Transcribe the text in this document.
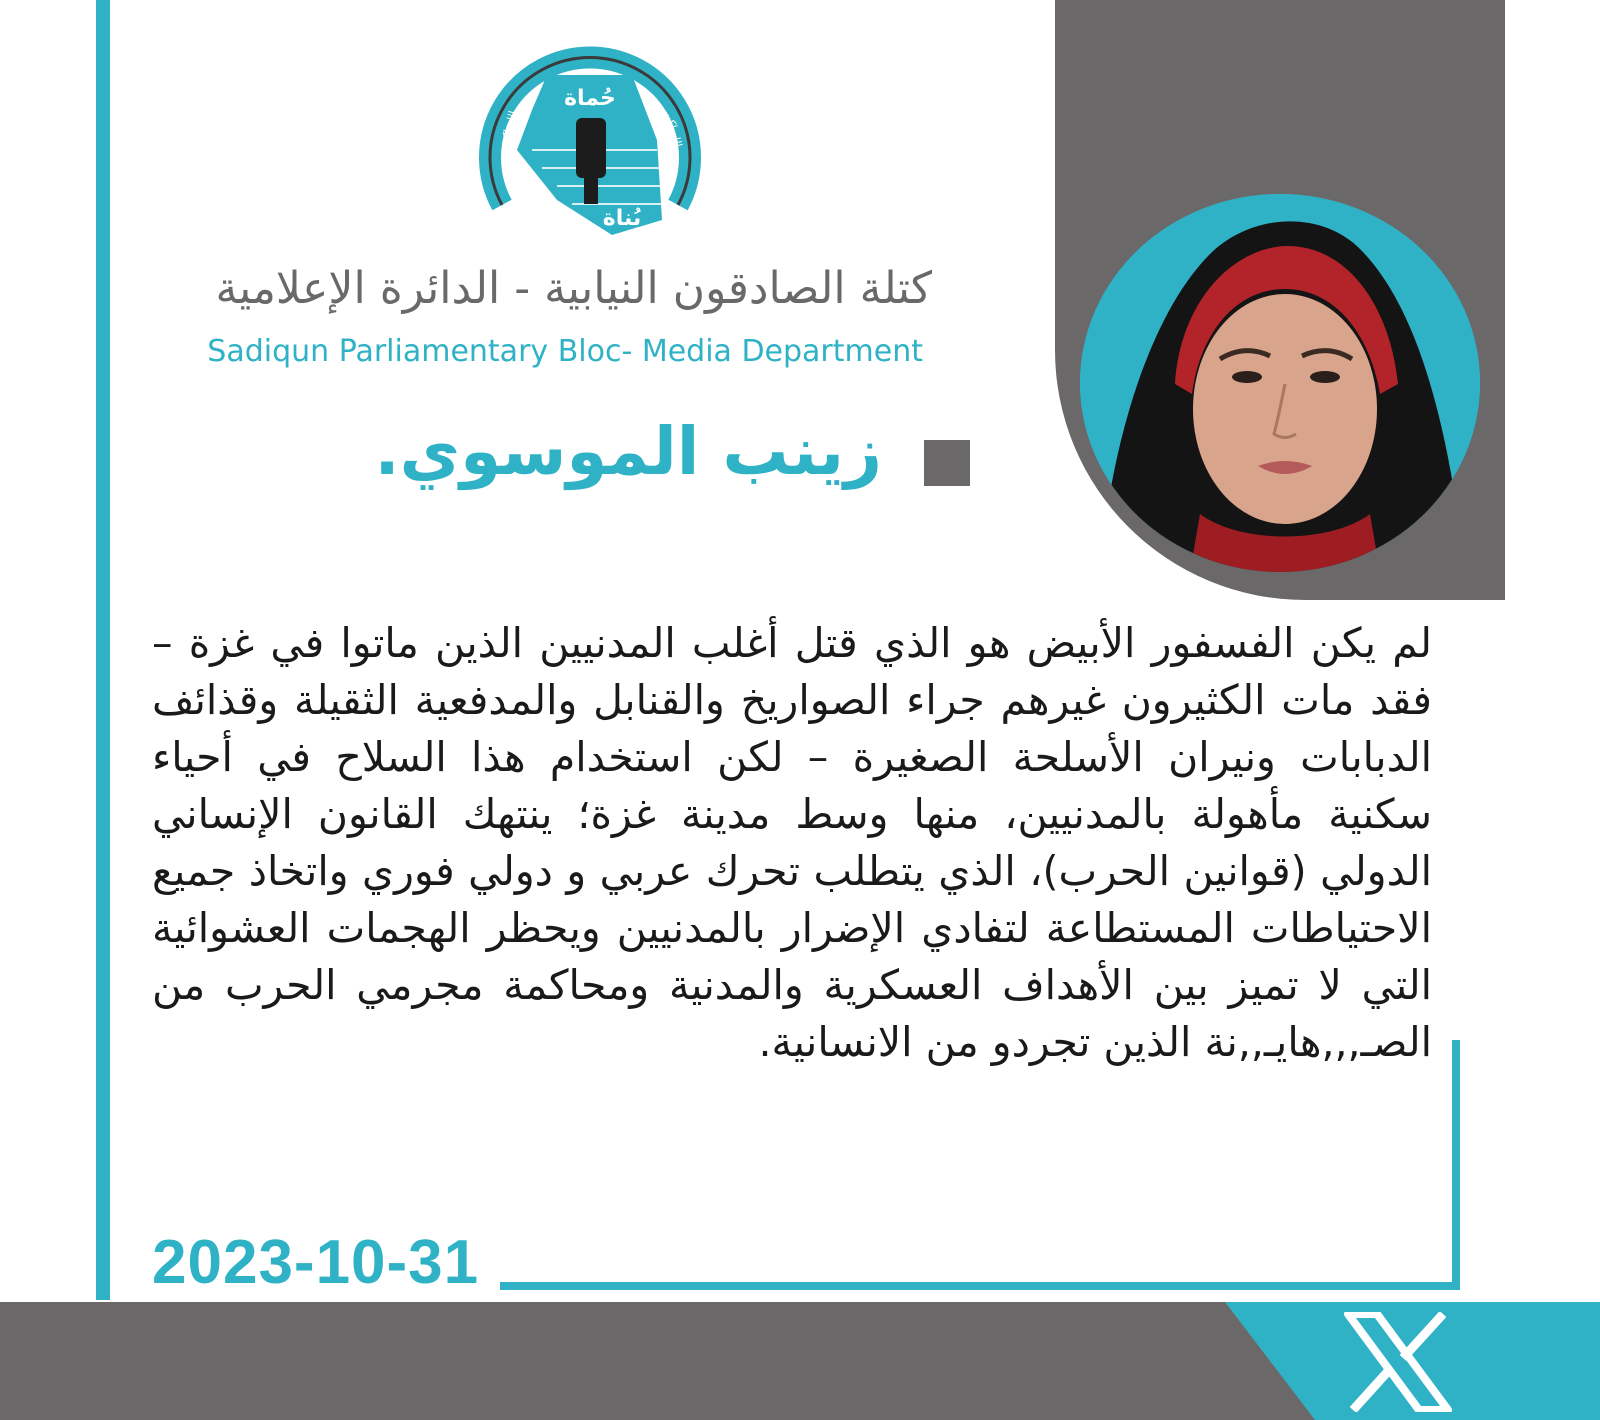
حُماة
بُناة
حركة الصادقون
الله اكبر	الله اكبر
كتلة الصادقون النيابية - الدائرة الإعلامية
Sadiqun Parliamentary Bloc- Media Department
زينب الموسوي.
لم يكن الفسفور الأبيض هو الذي قتل أغلب المدنيين الذين ماتوا في غزة – فقد مات الكثيرون غيرهم جراء الصواريخ والقنابل والمدفعية الثقيلة وقذائف الدبابات ونيران الأسلحة الصغيرة – لكن استخدام هذا السلاح في أحياء سكنية مأهولة بالمدنيين، منها وسط مدينة غزة؛ ينتهك القانون الإنساني الدولي (قوانين الحرب)، الذي يتطلب تحرك عربي و دولي فوري واتخاذ جميع الاحتياطات المستطاعة لتفادي الإضرار بالمدنيين ويحظر الهجمات العشوائية التي لا تميز بين الأهداف العسكرية والمدنية ومحاكمة مجرمي الحرب من الصـ,,,هايـ,,نة الذين تجردو من الانسانية.
2023-10-31
